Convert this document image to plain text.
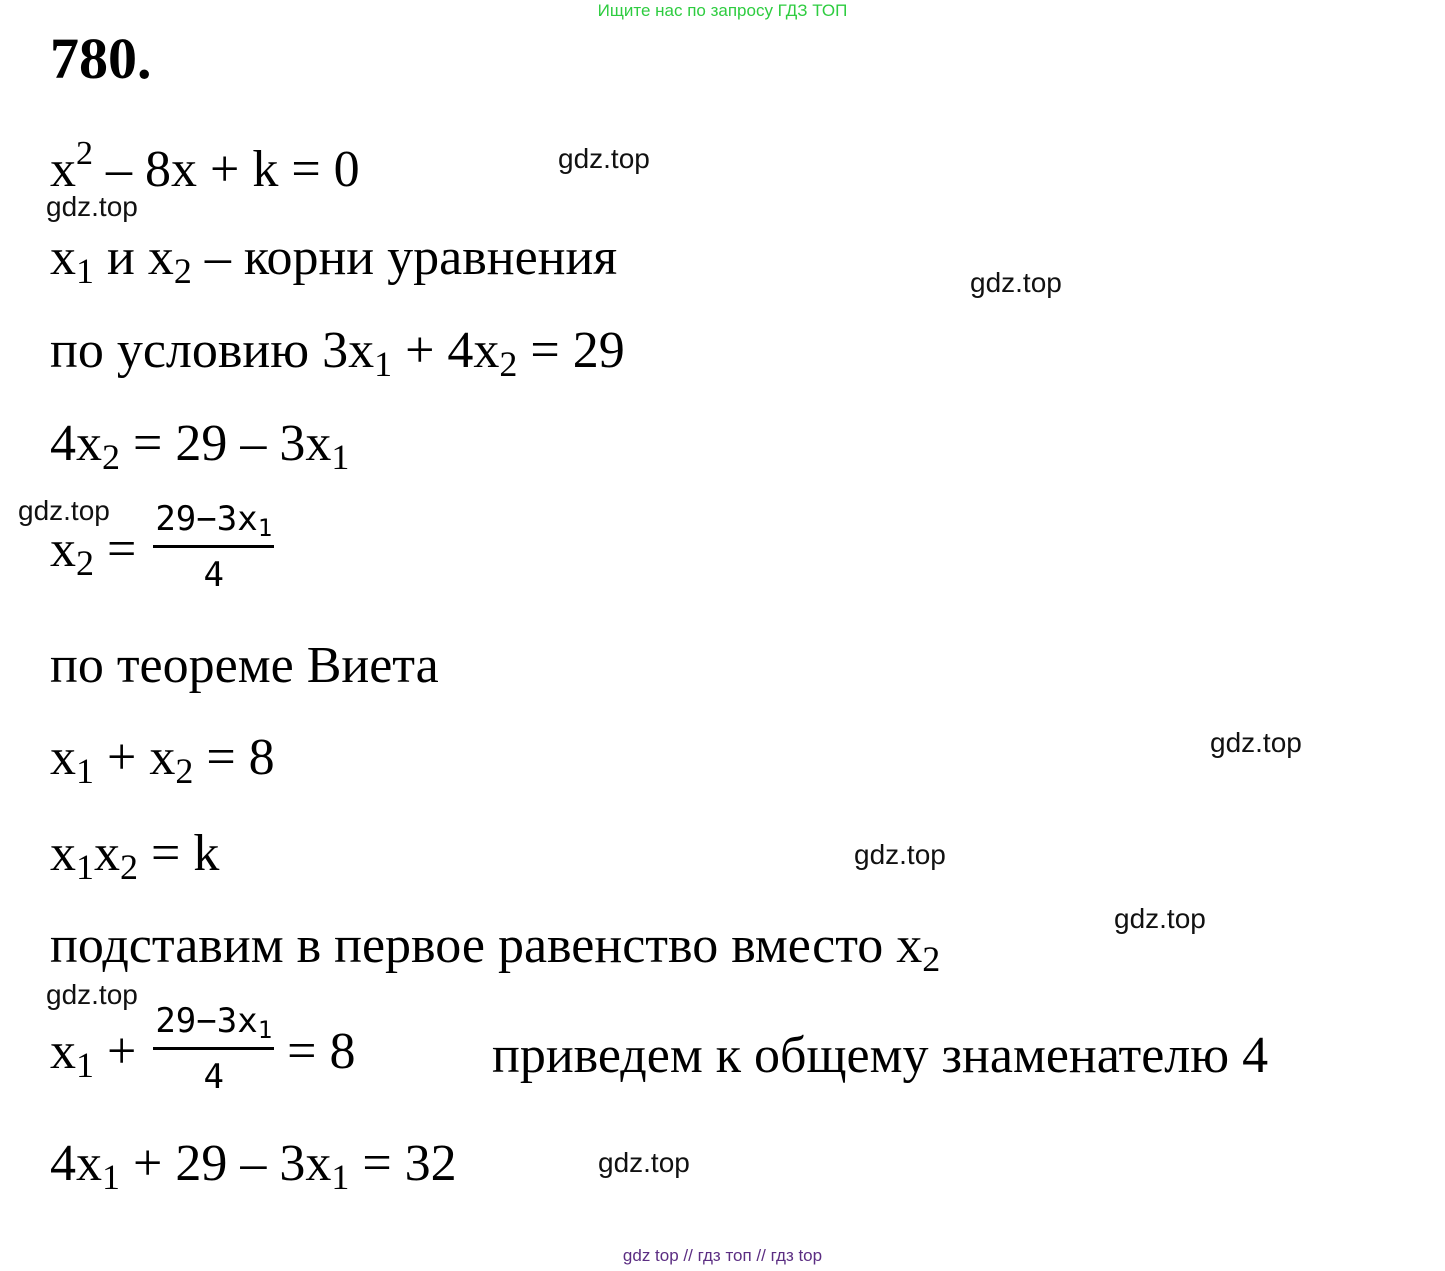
Ищите нас по запросу ГДЗ ТОП
780.
$x^2 - 8x + k = 0$
$x_1$ и $x_2$ – корни уравнения
по условию $3x_1 + 4x_2 = 29$
$4x_2 = 29 - 3x_1$
$x_2 = \frac{29-3x1}{4}$
по теореме Виета
$x_1 + x_2 = 8$
$x_1x_2 = k$
подставим в первое равенство вместо $x_2$
$x_1 + \frac{29-3x1}{4} = 8$	приведем к общему знаменателю 4
$4x_1 + 29 - 3x_1 = 32$
gdz.top
gdz.top
gdz.top
gdz.top
gdz.top
gdz.top
gdz.top
gdz.top
gdz.top
gdz top // гдз топ // гдз top
